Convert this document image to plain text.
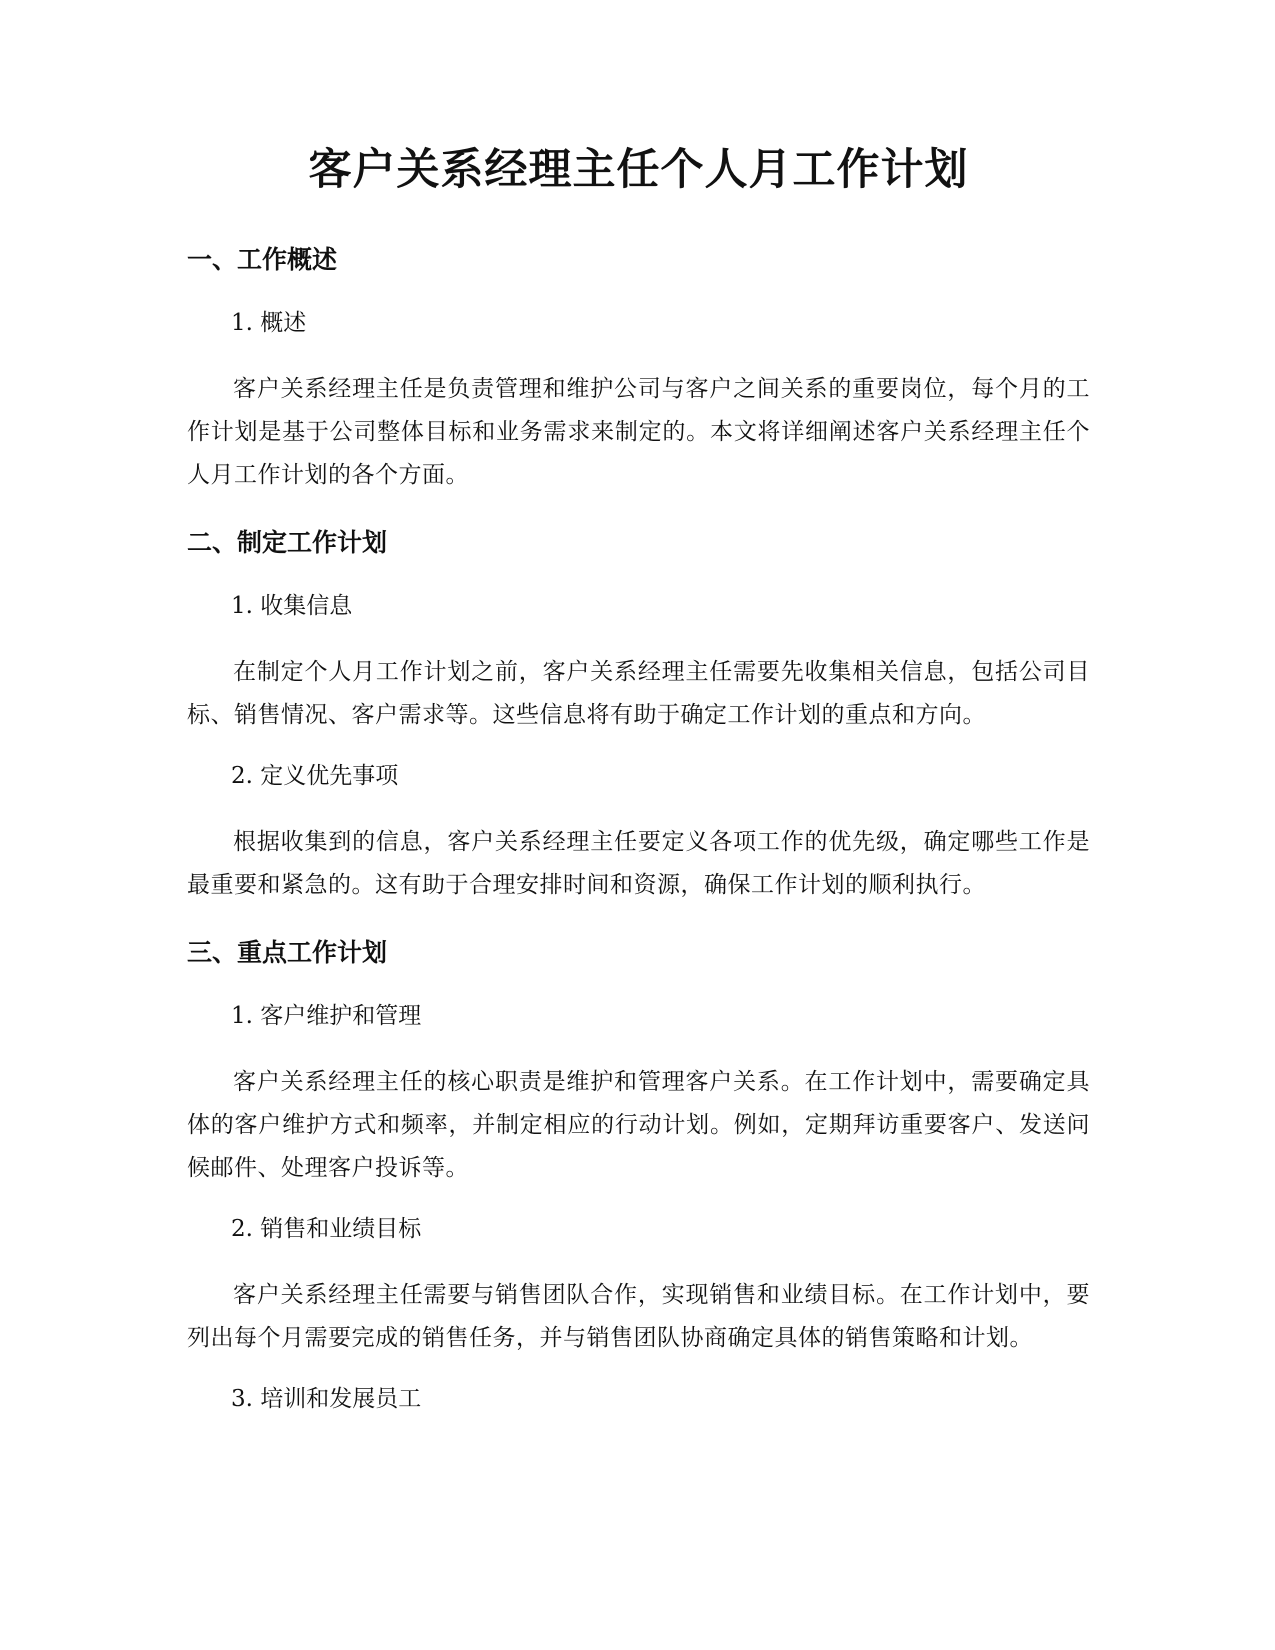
客户关系经理主任个人月工作计划
一、工作概述
1. 概述

客户关系经理主任是负责管理和维护公司与客户之间关系的重要岗位，每个月的工作计划是基于公司整体目标和业务需求来制定的。本文将详细阐述客户关系经理主任个人月工作计划的各个方面。

二、制定工作计划
1. 收集信息

在制定个人月工作计划之前，客户关系经理主任需要先收集相关信息，包括公司目标、销售情况、客户需求等。这些信息将有助于确定工作计划的重点和方向。

2. 定义优先事项

根据收集到的信息，客户关系经理主任要定义各项工作的优先级，确定哪些工作是最重要和紧急的。这有助于合理安排时间和资源，确保工作计划的顺利执行。

三、重点工作计划
1. 客户维护和管理

客户关系经理主任的核心职责是维护和管理客户关系。在工作计划中，需要确定具体的客户维护方式和频率，并制定相应的行动计划。例如，定期拜访重要客户、发送问候邮件、处理客户投诉等。

2. 销售和业绩目标

客户关系经理主任需要与销售团队合作，实现销售和业绩目标。在工作计划中，要列出每个月需要完成的销售任务，并与销售团队协商确定具体的销售策略和计划。

3. 培训和发展员工
